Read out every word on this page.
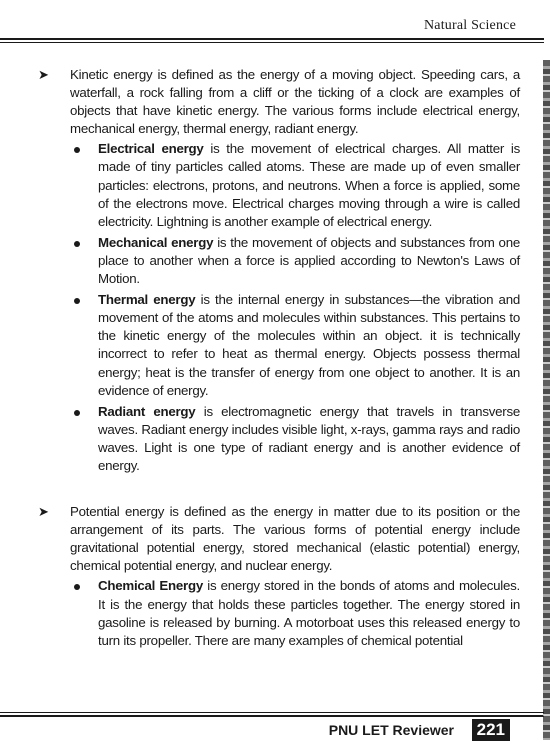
Natural Science
➤ Kinetic energy is defined as the energy of a moving object. Speeding cars, a waterfall, a rock falling from a cliff or the ticking of a clock are examples of objects that have kinetic energy. The various forms include electrical energy, mechanical energy, thermal energy, radiant energy.
Electrical energy is the movement of electrical charges. All matter is made of tiny particles called atoms. These are made up of even smaller particles: electrons, protons, and neutrons. When a force is applied, some of the electrons move. Electrical charges moving through a wire is called electricity. Lightning is another example of electrical energy.
Mechanical energy is the movement of objects and substances from one place to another when a force is applied according to Newton's Laws of Motion.
Thermal energy is the internal energy in substances—the vibration and movement of the atoms and molecules within substances. This pertains to the kinetic energy of the molecules within an object. it is technically incorrect to refer to heat as thermal energy. Objects possess thermal energy; heat is the transfer of energy from one object to another. It is an evidence of energy.
Radiant energy is electromagnetic energy that travels in transverse waves. Radiant energy includes visible light, x-rays, gamma rays and radio waves. Light is one type of radiant energy and is another evidence of energy.
➤ Potential energy is defined as the energy in matter due to its position or the arrangement of its parts. The various forms of potential energy include gravitational potential energy, stored mechanical (elastic potential) energy, chemical potential energy, and nuclear energy.
Chemical Energy is energy stored in the bonds of atoms and molecules. It is the energy that holds these particles together. The energy stored in gasoline is released by burning. A motorboat uses this released energy to turn its propeller. There are many examples of chemical potential
PNU LET Reviewer 221
